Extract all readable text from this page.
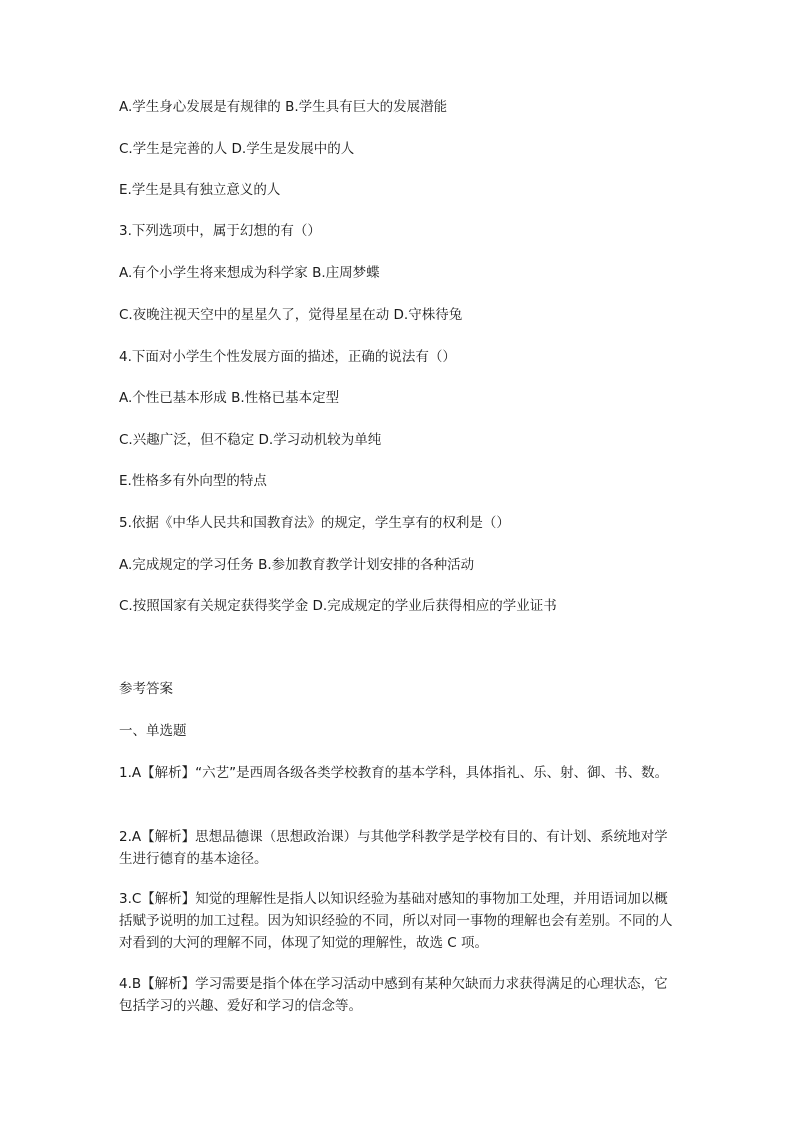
A.学生身心发展是有规律的 B.学生具有巨大的发展潜能
C.学生是完善的人 D.学生是发展中的人
E.学生是具有独立意义的人
3.下列选项中，属于幻想的有（）
A.有个小学生将来想成为科学家 B.庄周梦蝶
C.夜晚注视天空中的星星久了，觉得星星在动 D.守株待兔
4.下面对小学生个性发展方面的描述，正确的说法有（）
A.个性已基本形成 B.性格已基本定型
C.兴趣广泛，但不稳定 D.学习动机较为单纯
E.性格多有外向型的特点
5.依据《中华人民共和国教育法》的规定，学生享有的权利是（）
A.完成规定的学习任务 B.参加教育教学计划安排的各种活动
C.按照国家有关规定获得奖学金 D.完成规定的学业后获得相应的学业证书
参考答案
一、单选题
1.A【解析】“六艺”是西周各级各类学校教育的基本学科，具体指礼、乐、射、御、书、数。
2.A【解析】思想品德课（思想政治课）与其他学科教学是学校有目的、有计划、系统地对学生进行德育的基本途径。
3.C【解析】知觉的理解性是指人以知识经验为基础对感知的事物加工处理，并用语词加以概括赋予说明的加工过程。因为知识经验的不同，所以对同一事物的理解也会有差别。不同的人对看到的大河的理解不同，体现了知觉的理解性，故选 C 项。
4.B【解析】学习需要是指个体在学习活动中感到有某种欠缺而力求获得满足的心理状态，它包括学习的兴趣、爱好和学习的信念等。
